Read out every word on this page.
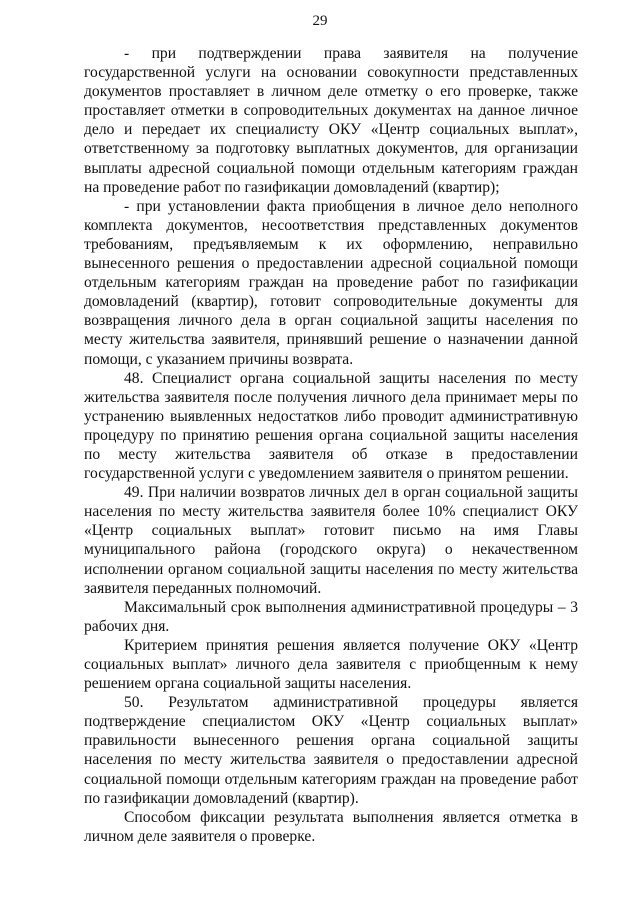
29

- при подтверждении права заявителя на получение государственной услуги на основании совокупности представленных документов проставляет в личном деле отметку о его проверке, также проставляет отметки в сопроводительных документах на данное личное дело и передает их специалисту ОКУ «Центр социальных выплат», ответственному за подготовку выплатных документов, для организации выплаты адресной социальной помощи отдельным категориям граждан на проведение работ по газификации домовладений (квартир);

- при установлении факта приобщения в личное дело неполного комплекта документов, несоответствия представленных документов требованиям, предъявляемым к их оформлению, неправильно вынесенного решения о предоставлении адресной социальной помощи отдельным категориям граждан на проведение работ по газификации домовладений (квартир), готовит сопроводительные документы для возвращения личного дела в орган социальной защиты населения по месту жительства заявителя, принявший решение о назначении данной помощи, с указанием причины возврата.

48. Специалист органа социальной защиты населения по месту жительства заявителя после получения личного дела принимает меры по устранению выявленных недостатков либо проводит административную процедуру по принятию решения органа социальной защиты населения по месту жительства заявителя об отказе в предоставлении государственной услуги с уведомлением заявителя о принятом решении.

49. При наличии возвратов личных дел в орган социальной защиты населения по месту жительства заявителя более 10% специалист ОКУ «Центр социальных выплат» готовит письмо на имя Главы муниципального района (городского округа) о некачественном исполнении органом социальной защиты населения по месту жительства заявителя переданных полномочий.

Максимальный срок выполнения административной процедуры – 3 рабочих дня.

Критерием принятия решения является получение ОКУ «Центр социальных выплат» личного дела заявителя с приобщенным к нему решением органа социальной защиты населения.

50. Результатом административной процедуры является подтверждение специалистом ОКУ «Центр социальных выплат» правильности вынесенного решения органа социальной защиты населения по месту жительства заявителя о предоставлении адресной социальной помощи отдельным категориям граждан на проведение работ по газификации домовладений (квартир).

Способом фиксации результата выполнения является отметка в личном деле заявителя о проверке.
